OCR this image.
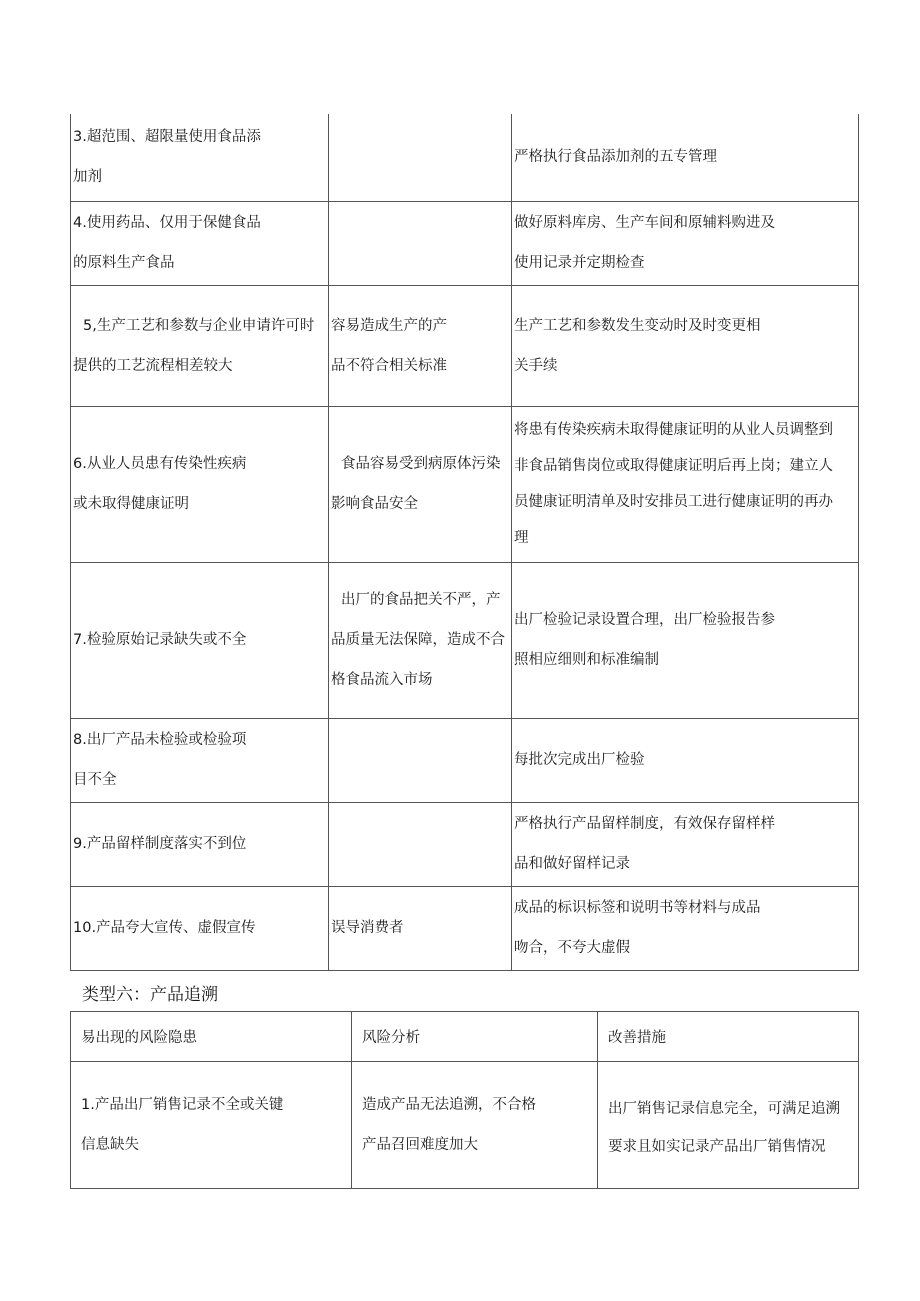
3.超范围、超限量使用食品添
加剂		严格执行食品添加剂的五专管理

4.使用药品、仅用于保健食品
的原料生产食品		做好原料库房、生产车间和原辅料购进及
使用记录并定期检查

5,生产工艺和参数与企业申请许可时
提供的工艺流程相差较大	容易造成生产的产
品不符合相关标准	生产工艺和参数发生变动时及时变更相
关手续

6.从业人员患有传染性疾病
或未取得健康证明	食品容易受到病原体污染
影响食品安全	将患有传染疾病未取得健康证明的从业人员调整到
非食品销售岗位或取得健康证明后再上岗；建立人
员健康证明清单及时安排员工进行健康证明的再办
理

7.检验原始记录缺失或不全	出厂的食品把关不严，产
品质量无法保障，造成不合
格食品流入市场	出厂检验记录设置合理，出厂检验报告参
照相应细则和标准编制

8.出厂产品未检验或检验项
目不全		每批次完成出厂检验

9.产品留样制度落实不到位		严格执行产品留样制度，有效保存留样样
品和做好留样记录

10.产品夸大宣传、虚假宣传	误导消费者	成品的标识标签和说明书等材料与成品
吻合，不夸大虚假
类型六：产品追溯
易出现的风险隐患	风险分析	改善措施

1.产品出厂销售记录不全或关键
信息缺失	造成产品无法追溯，不合格
产品召回难度加大	出厂销售记录信息完全，可满足追溯
要求且如实记录产品出厂销售情况
